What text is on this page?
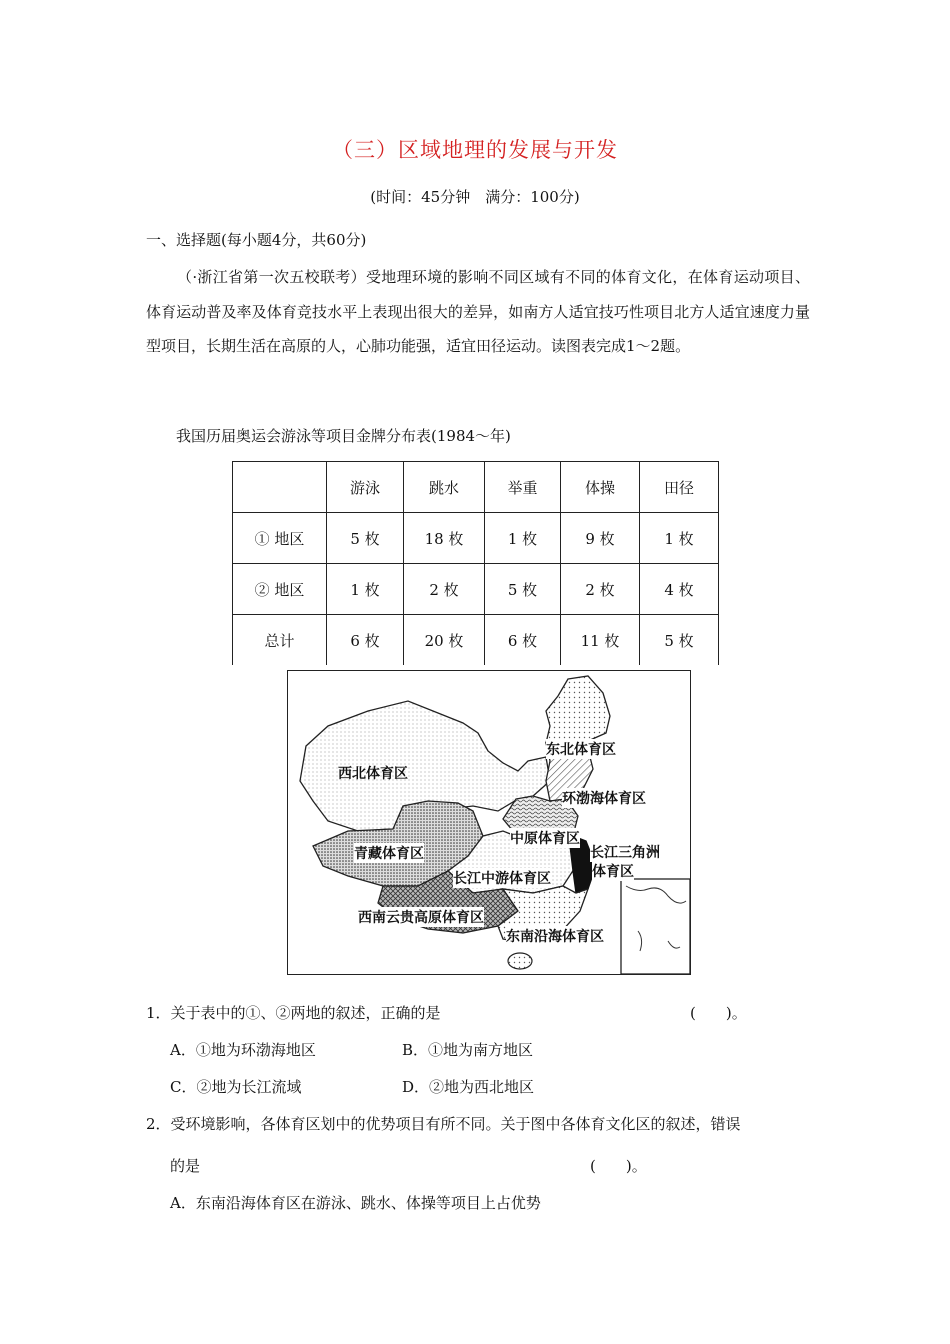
（三）区域地理的发展与开发
(时间：45分钟　满分：100分)
一、选择题(每小题4分，共60分)
（·浙江省第一次五校联考）受地理环境的影响不同区域有不同的体育文化，在体育运动项目、体育运动普及率及体育竞技水平上表现出很大的差异，如南方人适宜技巧性项目北方人适宜速度力量型项目，长期生活在高原的人，心肺功能强，适宜田径运动。读图表完成1～2题。
我国历届奥运会游泳等项目金牌分布表(1984～年)
	游泳	跳水	举重	体操	田径
① 地区	5 枚	18 枚	1 枚	9 枚	1 枚
② 地区	1 枚	2 枚	5 枚	2 枚	4 枚
总计	6 枚	20 枚	6 枚	11 枚	5 枚
东北体育区
西北体育区
环渤海体育区
中原体育区
长江三角洲
体育区
青藏体育区
长江中游体育区
西南云贵高原体育区
东南沿海体育区
1．关于表中的①、②两地的叙述，正确的是	(　　)。
A．①地为环渤海地区	B．①地为南方地区
C．②地为长江流域	D．②地为西北地区
2．受环境影响，各体育区划中的优势项目有所不同。关于图中各体育文化区的叙述，错误
的是	(　　)。
A．东南沿海体育区在游泳、跳水、体操等项目上占优势
